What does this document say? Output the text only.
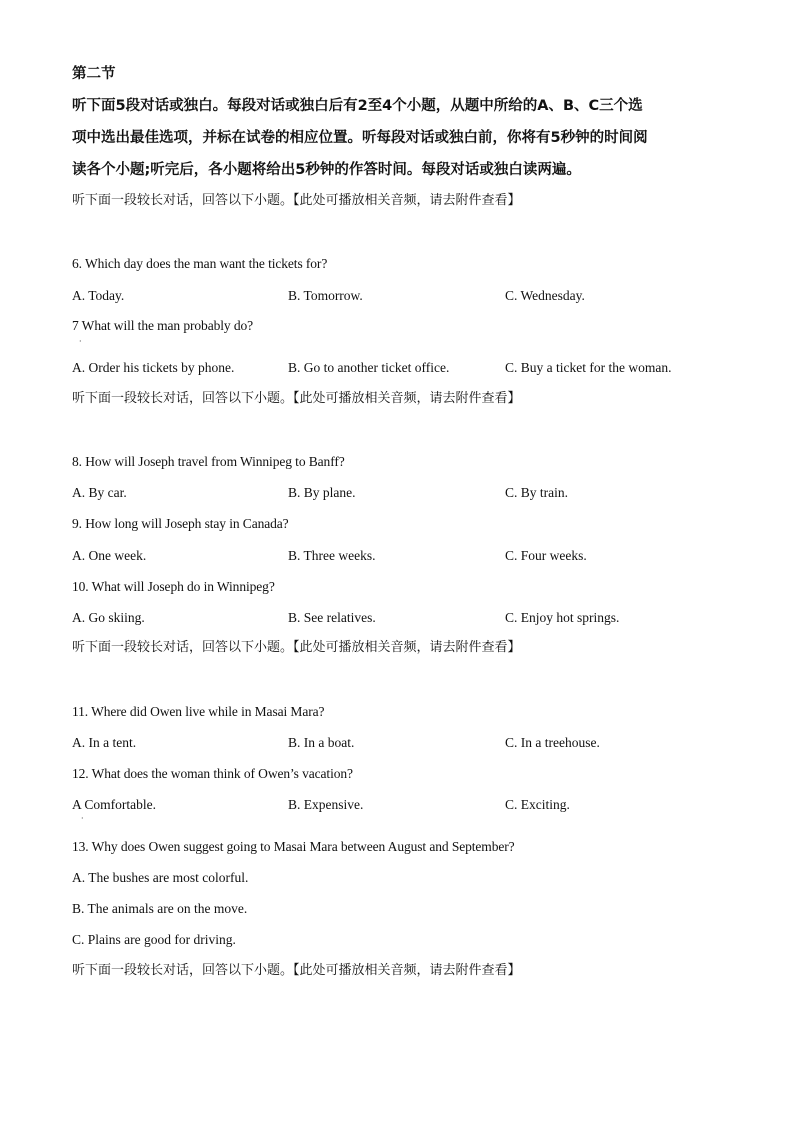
第二节
听下面5段对话或独白。每段对话或独白后有2至4个小题，从题中所给的A、B、C三个选
项中选出最佳选项，并标在试卷的相应位置。听每段对话或独白前，你将有5秒钟的时间阅
读各个小题;听完后，各小题将给出5秒钟的作答时间。每段对话或独白读两遍。
听下面一段较长对话，回答以下小题。【此处可播放相关音频，请去附件查看】
6. Which day does the man want the tickets for?
A. Today.	B. Tomorrow.	C. Wednesday.
7 What will the man probably do?
·
A. Order his tickets by phone.	B. Go to another ticket office.	C. Buy a ticket for the woman.
听下面一段较长对话，回答以下小题。【此处可播放相关音频，请去附件查看】
8. How will Joseph travel from Winnipeg to Banff?
A. By car.	B. By plane.	C. By train.
9. How long will Joseph stay in Canada?
A. One week.	B. Three weeks.	C. Four weeks.
10. What will Joseph do in Winnipeg?
A. Go skiing.	B. See relatives.	C. Enjoy hot springs.
听下面一段较长对话，回答以下小题。【此处可播放相关音频，请去附件查看】
11. Where did Owen live while in Masai Mara?
A. In a tent.	B. In a boat.	C. In a treehouse.
12. What does the woman think of Owen’s vacation?
A Comfortable.
·
B. Expensive.	C. Exciting.
13. Why does Owen suggest going to Masai Mara between August and September?
A. The bushes are most colorful.
B. The animals are on the move.
C. Plains are good for driving.
听下面一段较长对话，回答以下小题。【此处可播放相关音频，请去附件查看】
